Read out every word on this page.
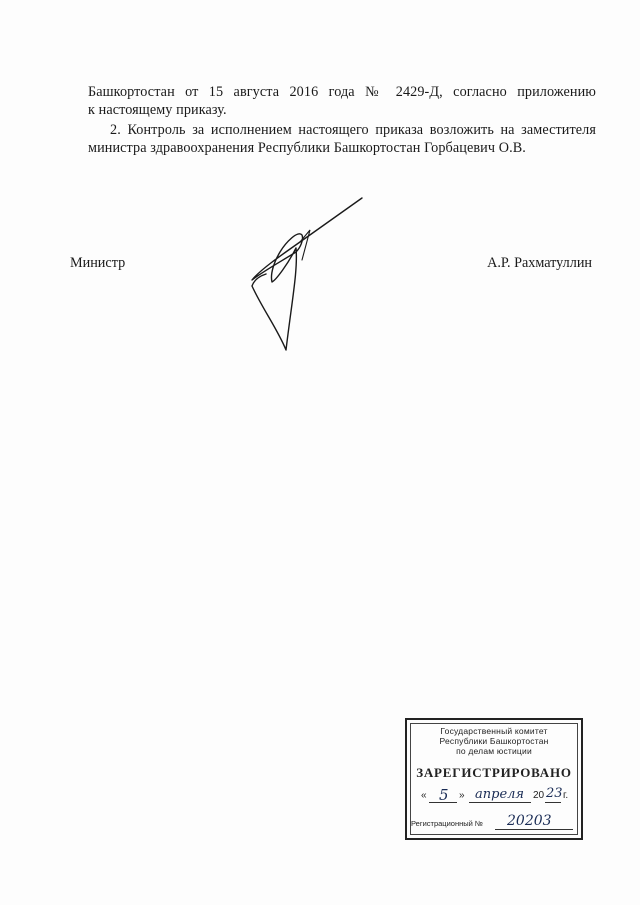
Башкортостан от 15 августа 2016 года № 2429-Д, согласно приложению
к настоящему приказу.
2. Контроль за исполнением настоящего приказа возложить на заместителя
министра здравоохранения Республики Башкортостан Горбацевич О.В.
Министр	А.Р. Рахматуллин
Государственный комитет
Республики Башкортостан
по делам юстиции
ЗАРЕГИСТРИРОВАНО
« 5 » апреля 20 23 г.
Регистрационный № 20203
